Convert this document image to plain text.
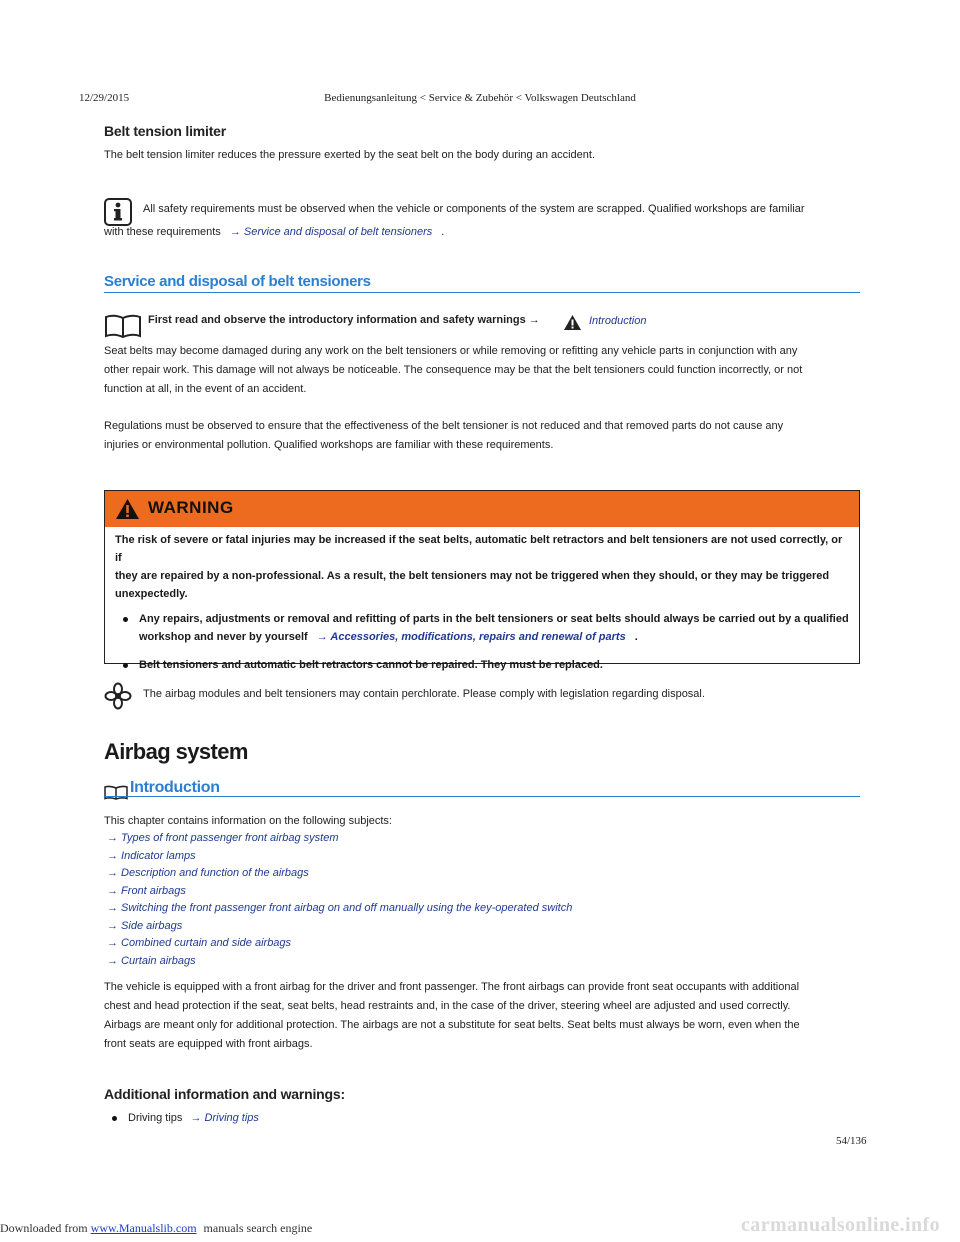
12/29/2015	Bedienungsanleitung < Service & Zubehör < Volkswagen Deutschland
Belt tension limiter
The belt tension limiter reduces the pressure exerted by the seat belt on the body during an accident.
All safety requirements must be observed when the vehicle or components of the system are scrapped. Qualified workshops are familiar
with these requirements → Service and disposal of belt tensioners .
Service and disposal of belt tensioners
First read and observe the introductory information and safety warnings →	Introduction
Seat belts may become damaged during any work on the belt tensioners or while removing or refitting any vehicle parts in conjunction with any
other repair work. This damage will not always be noticeable. The consequence may be that the belt tensioners could function incorrectly, or not
function at all, in the event of an accident.
Regulations must be observed to ensure that the effectiveness of the belt tensioner is not reduced and that removed parts do not cause any
injuries or environmental pollution. Qualified workshops are familiar with these requirements.
WARNING
The risk of severe or fatal injuries may be increased if the seat belts, automatic belt retractors and belt tensioners are not used correctly, or if
they are repaired by a non-professional. As a result, the belt tensioners may not be triggered when they should, or they may be triggered
unexpectedly.
Any repairs, adjustments or removal and refitting of parts in the belt tensioners or seat belts should always be carried out by a qualified
workshop and never by yourself → Accessories, modifications, repairs and renewal of parts .
Belt tensioners and automatic belt retractors cannot be repaired. They must be replaced.
The airbag modules and belt tensioners may contain perchlorate. Please comply with legislation regarding disposal.
Airbag system
Introduction
This chapter contains information on the following subjects:
→ Types of front passenger front airbag system
→ Indicator lamps
→ Description and function of the airbags
→ Front airbags
→ Switching the front passenger front airbag on and off manually using the key-operated switch
→ Side airbags
→ Combined curtain and side airbags
→ Curtain airbags
The vehicle is equipped with a front airbag for the driver and front passenger. The front airbags can provide front seat occupants with additional
chest and head protection if the seat, seat belts, head restraints and, in the case of the driver, steering wheel are adjusted and used correctly.
Airbags are meant only for additional protection. The airbags are not a substitute for seat belts. Seat belts must always be worn, even when the
front seats are equipped with front airbags.
Additional information and warnings:
Driving tips → Driving tips
54/136
Downloaded from www.Manualslib.com manuals search engine	carmanualsonline.info
